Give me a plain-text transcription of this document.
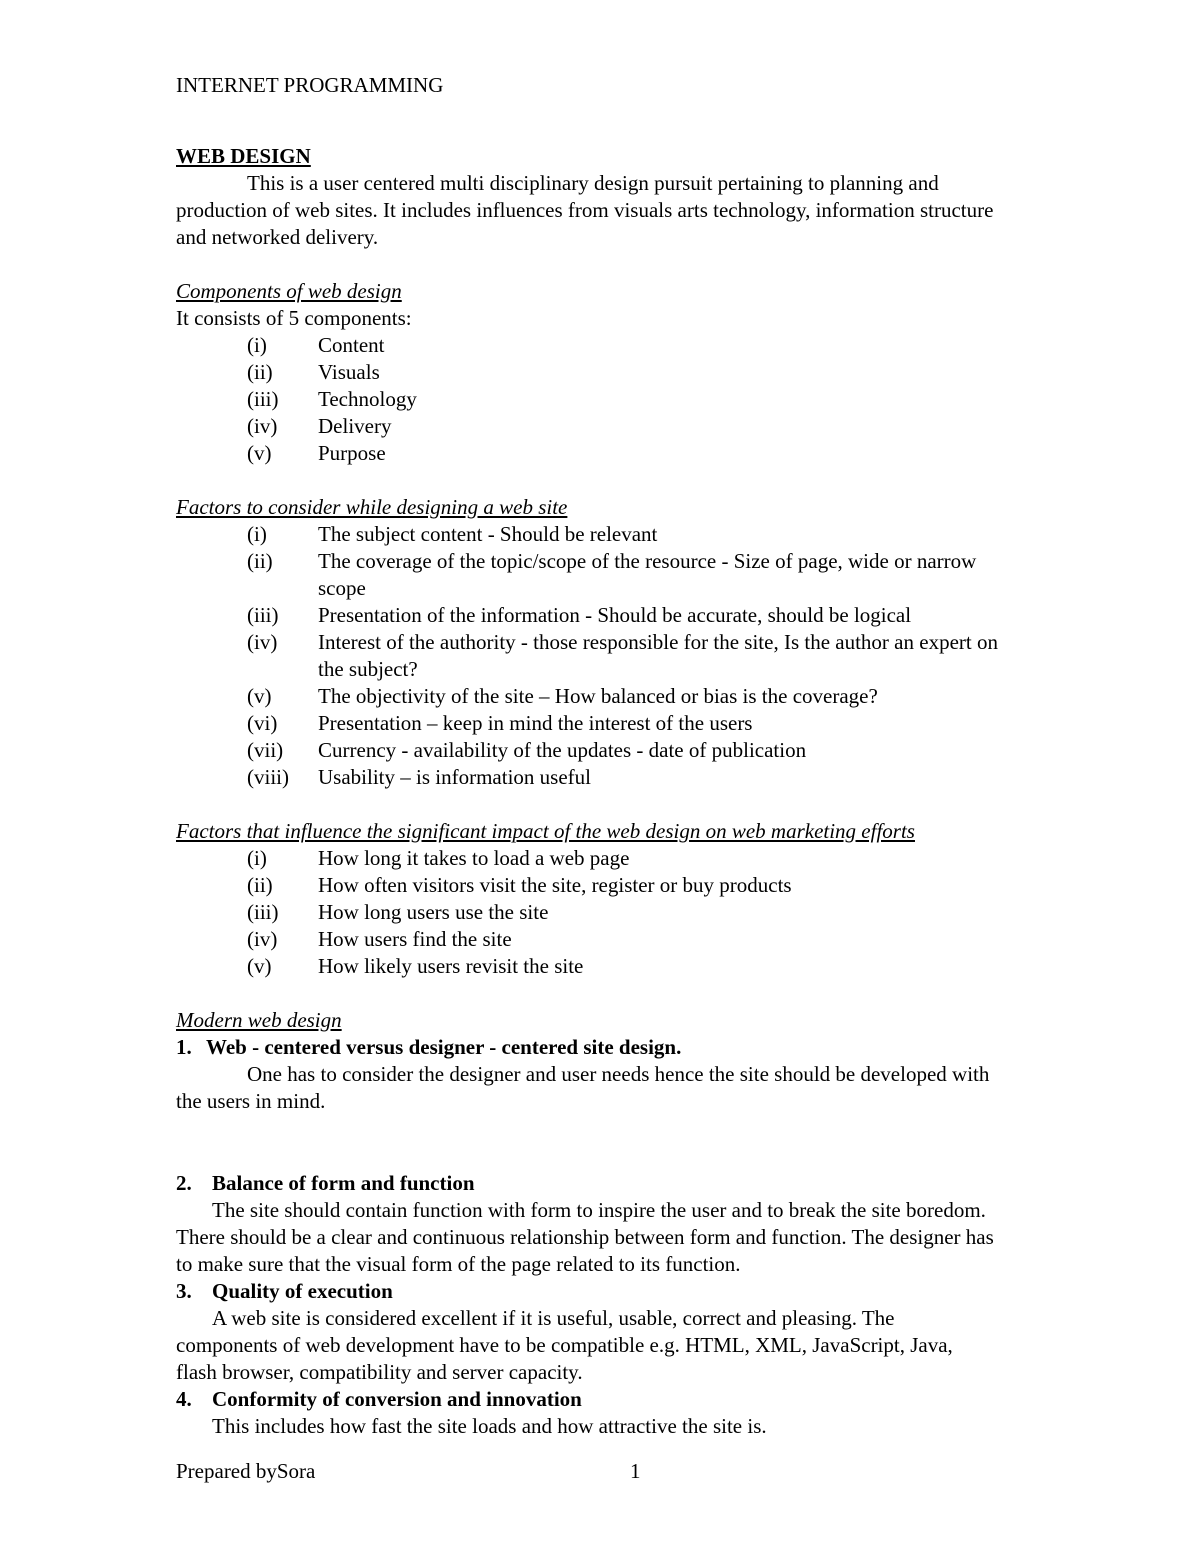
INTERNET PROGRAMMING
WEB DESIGN
This is a user centered multi disciplinary design pursuit pertaining to planning and
production of web sites. It includes influences from visuals arts technology, information structure
and networked delivery.
Components of web design
It consists of 5 components:
(i) Content
(ii) Visuals
(iii) Technology
(iv) Delivery
(v) Purpose
Factors to consider while designing a web site
(i) The subject content - Should be relevant
(ii) The coverage of the topic/scope of the resource - Size of page, wide or narrow
scope
(iii) Presentation of the information - Should be accurate, should be logical
(iv) Interest of the authority - those responsible for the site, Is the author an expert on
the subject?
(v) The objectivity of the site – How balanced or bias is the coverage?
(vi) Presentation – keep in mind the interest of the users
(vii) Currency - availability of the updates - date of publication
(viii) Usability – is information useful
Factors that influence the significant impact of the web design on web marketing efforts
(i) How long it takes to load a web page
(ii) How often visitors visit the site, register or buy products
(iii) How long users use the site
(iv) How users find the site
(v) How likely users revisit the site
Modern web design
1. Web - centered versus designer - centered site design.
One has to consider the designer and user needs hence the site should be developed with
the users in mind.
2. Balance of form and function
The site should contain function with form to inspire the user and to break the site boredom.
There should be a clear and continuous relationship between form and function. The designer has
to make sure that the visual form of the page related to its function.
3. Quality of execution
A web site is considered excellent if it is useful, usable, correct and pleasing. The
components of web development have to be compatible e.g. HTML, XML, JavaScript, Java,
flash browser, compatibility and server capacity.
4. Conformity of conversion and innovation
This includes how fast the site loads and how attractive the site is.
Prepared bySora	1
